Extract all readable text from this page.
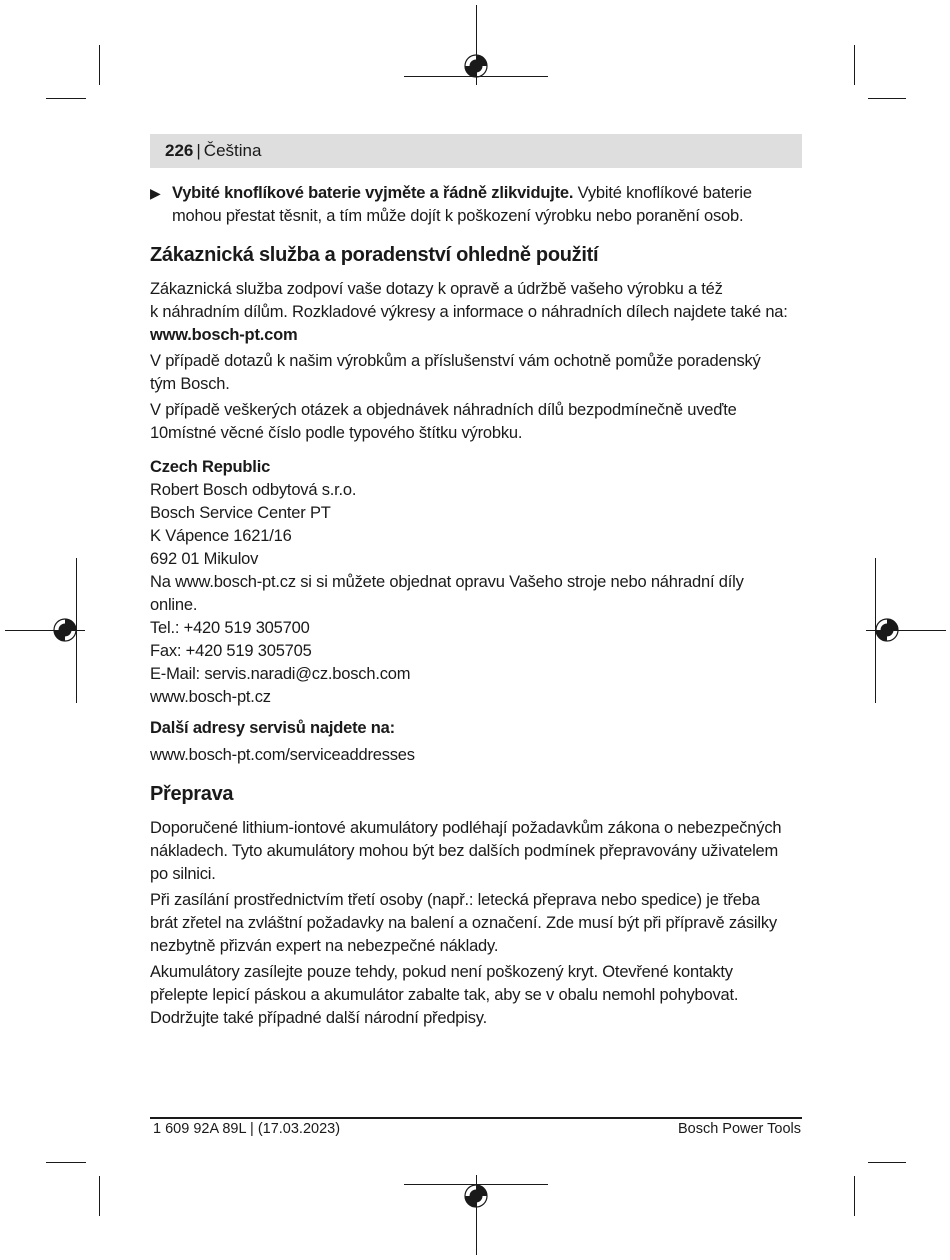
226 | Čeština
▶ Vybité knoflíkové baterie vyjměte a řádně zlikvidujte. Vybité knoflíkové baterie
mohou přestat těsnit, a tím může dojít k poškození výrobku nebo poranění osob.
Zákaznická služba a poradenství ohledně použití

Zákaznická služba zodpoví vaše dotazy k opravě a údržbě vašeho výrobku a též
k náhradním dílům. Rozkladové výkresy a informace o náhradních dílech najdete také na:
www.bosch-pt.com

V případě dotazů k našim výrobkům a příslušenství vám ochotně pomůže poradenský
tým Bosch.

V případě veškerých otázek a objednávek náhradních dílů bezpodmínečně uveďte
10místné věcné číslo podle typového štítku výrobku.

Czech Republic
Robert Bosch odbytová s.r.o.
Bosch Service Center PT
K Vápence 1621/16
692 01 Mikulov
Na www.bosch-pt.cz si si můžete objednat opravu Vašeho stroje nebo náhradní díly
online.
Tel.: +420 519 305700
Fax: +420 519 305705
E-Mail: servis.naradi@cz.bosch.com
www.bosch-pt.cz
Další adresy servisů najdete na:
www.bosch-pt.com/serviceaddresses
Přeprava

Doporučené lithium-iontové akumulátory podléhají požadavkům zákona o nebezpečných
nákladech. Tyto akumulátory mohou být bez dalších podmínek přepravovány uživatelem
po silnici.

Při zasílání prostřednictvím třetí osoby (např.: letecká přeprava nebo spedice) je třeba
brát zřetel na zvláštní požadavky na balení a označení. Zde musí být při přípravě zásilky
nezbytně přizván expert na nebezpečné náklady.

Akumulátory zasílejte pouze tehdy, pokud není poškozený kryt. Otevřené kontakty
přelepte lepicí páskou a akumulátor zabalte tak, aby se v obalu nemohl pohybovat.
Dodržujte také případné další národní předpisy.

1 609 92A 89L | (17.03.2023)	Bosch Power Tools
